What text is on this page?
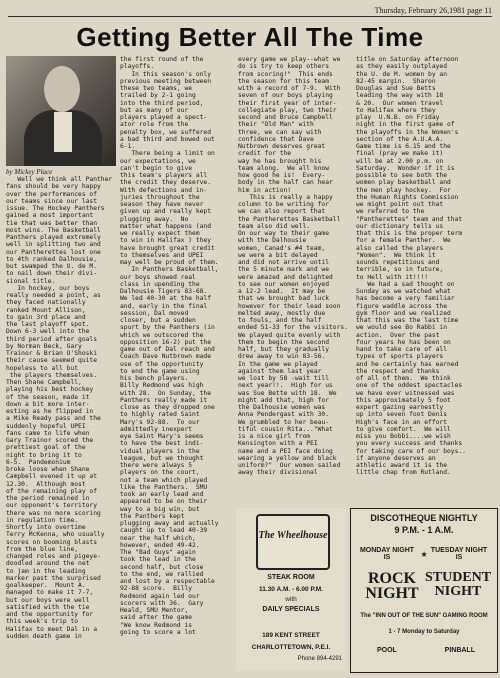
Thursday, February 26,1981 page 11
Getting Better All The Time
by Mickey Place
Well we think all Panther
fans should be very happy
over the performances of
our teams since our last
issue. The Hockey Panthers
gained a most important
tie that was better than
most wins. The Basketball
Panthers played extremely
well in splitting two and
our Pantherettes lost one
to 4th ranked Dalhousie,
but swamped the U. de M.
to nail down their divi-
sional title.
In hockey, our boys
really needed a point, as
they faced nationally
ranked Mount Allison,
to gain 3rd place and
the last playoff spot.
Down 6-3 well into the
third period after goals
by Norman Beck, Gary
Trainor & Brian O'Shoski
their cause seemed quite
hopeless to all but
the players themselves.
Then Shane Campbell,
playing his best hockey
of the season, made it
down a bit more inter-
esting as he flipped in
a Mike Ready pass and the
suddenly hopeful UPEI
fans came to life when
Gary Trainor scored the
prettiest goal of the
night to bring it to
6-5.  Pandemonium
broke loose when Shane
Campbell evened it up at
12.30.  Although most
of the remaining play of
the period remained in
our opponent's territory
there was no more scoring
in regulation time.
Shortly into overtime
Terry McKenna, who usually
scores on booming blasts
from the blue line,
changed roles and pigeye-
doodled around the net
to jam in the leading
marker past the surprised
goalkeeper.  Mount A.
managed to make it 7-7,
but our boys were well
satisfied with the tie
and the opportunity for
this week's trip to
Halifax to meet Dal in a
sudden death game in
the first round of the
playoffs.
In this season's only
previous meeting between
these two teams, we
trailed by 2-1 going
into the third period,
but as many of our
players played a spect-
ator role from the
penalty box, we suffered
a bad third and bowed out
6-1.
There being a limit on
our expectations, we
can't begin to give
this team's players all
the credit they deserve.
With defections and in-
juries throughout the
season they have never
given up and really kept
plugging away.  No
matter what happens (and
we really expect them
to win in Halifax ) they
have brought great credit
to themselves and UPEI
may well be proud of them.
In Panthers Basketball,
our boys showed real
class in upending the
Dalhousie Tigers 83-68.
We led 40-30 at the half
and, early in the final
session, Dal moved
closer, but a sudden
spurt by the Panthers (in
which we outscored the
opposition 16-2) put the
game out of Dal reach and
Coach Dave Nutbrown made
use of the opportunity
to end the game using
his bench players.
Billy Redmond was high
with 28.  On Sunday, the
Panthers really made it
close as they dropped one
to highly rated Saint
Mary's 92-88.  To our
admittedly inexpert
eye Saint Mary's seems
to have the best indi-
vidual players in the
league, but we thought
there were always 5
players on the court,
not a team which played
like the Panthers.  SMU
took an early lead and
appeared to be on their
way to a big win, but
the Panthers kept
plugging away and actually
caught up to lead 40-39
near the half which,
however, ended 49-42.
The "Bad Guys" again
took the lead in the
second half, but close
to the end, we rallied
and lost by a respectable
92-88 score.  Billy
Redmond again led our
scorers with 36.  Gary
Heald, SMU Mentor,
said after the game
"We know Redmond is
going to score a lot
every game we play--what we
do is try to keep others
from scoring!"  This ends
the season for this team
with a record of 7-9.  With
seven of our boys playing
their first year of inter-
collegiate play, two their
second and Bruce Campbell
their "Old Man" with
three, we can say with
confidence that Dave
Nutbrown deserves great
credit for the
way he has brought his
team along.  We all know
how good he is!  Every-
body in the half can hear
him in action!
This is really a happy
column to be writing for
we can also report that
the Pantherettes Basketball
team also did well.
On our way to their game
with the Dalhousie
women, Canad's #4 team,
we were a bit delayed
and did not arrive until
the 5 minute mark and we
were amazed and delighted
to see our women enjoyed
a 12-2 lead.  It may be
that we brought bad luck
however for their lead soon
melted away, mostly due
to fouls, and the half
ended 51-33 for the visitors.
We played quite evenly with
them to begin the second
half, but they gradually
drew away to win 83-56.
In the game we played
against them last year
we lost by 58 -wait till
next year!!.  High for us
was Sue Bette with 18.  We
might add that, high for
the Dalhousie women was
Anna Pendergast with 30.
We grumbled to her beau-
tiful cousin Rita..."What
is a nice girl from
Kensington with a PEI
name and a PEI face doing
wearing a yellow and black
uniform?"  Our women sailed
away their divisional
title on Saturday afternoon
as they easily outplayed
the U. de M. women by an
82-45 margin.  Sharon
Douglas and Sue Betts
leading the way with 18
& 20.  Our women travel
to Halifax where they
play  U.N.B. on Friday
night in the first game of
the playoffs in the Women's
section of the A.U.A.A.
Game time is 6.15 and the
final (pray we make it)
will be at 2.00 p.m. on
Saturday.  Wonder if it is
possible to see both the
women play basketball and
the men play hockey.  For
the Human Rights Commission
we might point out that
we referred to the
"Pantherettes" team and that
our dictionary tells us
that this is the proper term
for a female Panther.  We
also called the players
"Women".  We think it
sounds repetitious and
terrible, so in future,
to Hell with it!!!!
We had a sad thought on
Sunday as we watched what
has become a very familiar
figure waddle across the
gym floor and we realized
that this was the last time
we would see Bo Rabbi in
action.  Over the past
four years he has been on
hand to take care of all
types of sports players
and he certainly has earned
the respect and thanks
of all of them.  We think
one of the oddest spectacles
we have ever witnessed was
this approximately 5 foot
expert gazing earnestly
up into seven foot Denis
High's face in an effort
to give comfort.  We will
miss you Bobbi....we wish
you every success and thanks
for taking care of our boys..
if anyone deserves an
athletic award it is the
little chap from Rutland.
The Wheelhouse
STEAK ROOM
11.30 A.M. - 6.00 P.M.
with
DAILY SPECIALS
189 KENT STREET
CHARLOTTETOWN, P.E.I.
Phone 894-4291
DISCOTHEQUE NIGHTLY
9 P.M. - 1 A.M.
MONDAY NIGHT
IS	★ TUESDAY NIGHT
IS
ROCK
NIGHT
STUDENT
NIGHT
The "INN OUT OF THE SUN" GAMING ROOM
1 - 7 Monday to Saturday
POOL	PINBALL
